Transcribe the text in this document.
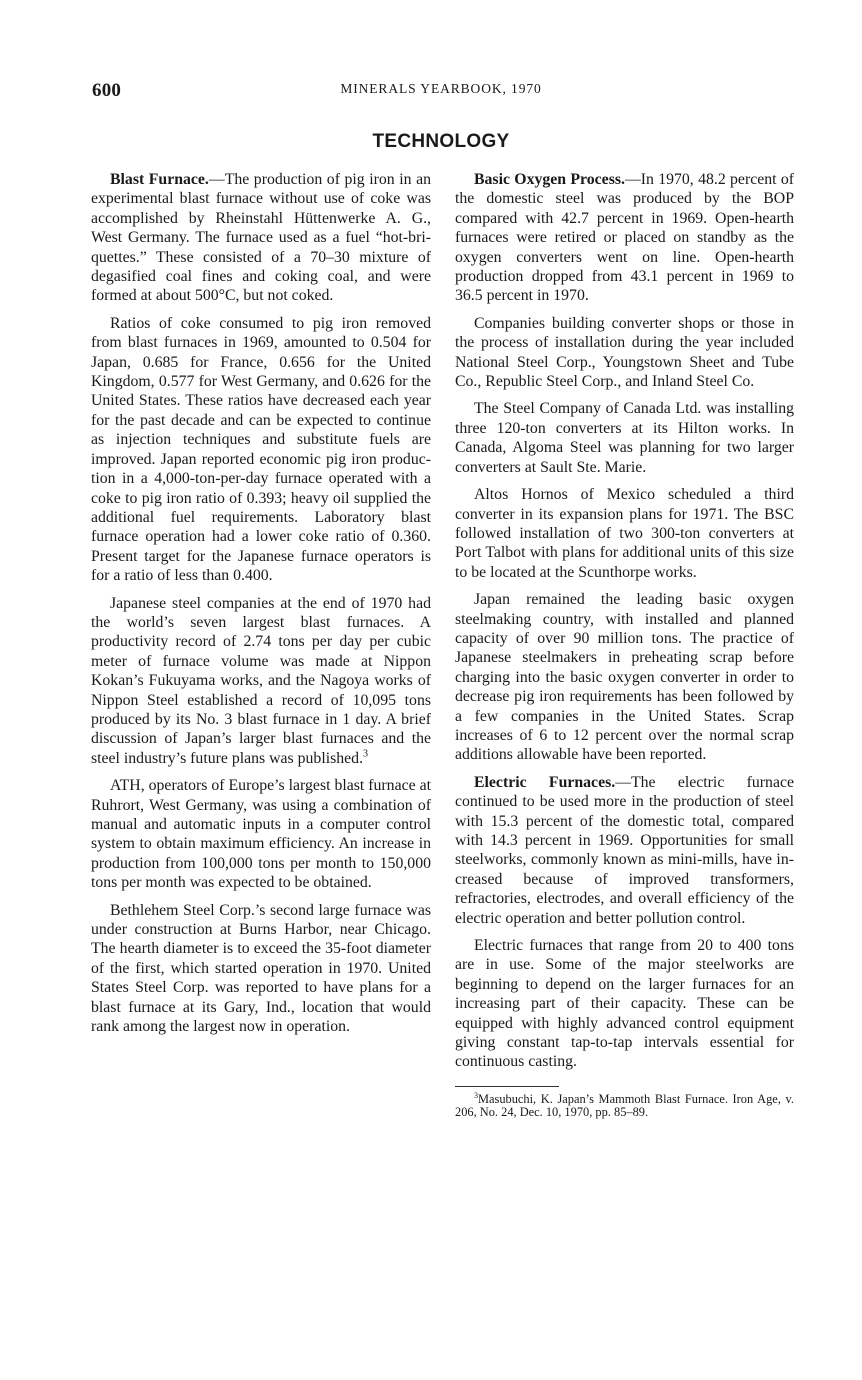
600	MINERALS YEARBOOK, 1970
TECHNOLOGY

Blast Furnace.—The production of pig iron in an experimental blast furnace without use of coke was accomplished by Rheinstahl Hüttenwerke A. G., West Germany. The furnace used as a fuel “hot-briquettes.” These consisted of a 70–30 mixture of degasified coal fines and coking coal, and were formed at about 500°C, but not coked.

Ratios of coke consumed to pig iron removed from blast furnaces in 1969, amounted to 0.504 for Japan, 0.685 for France, 0.656 for the United Kingdom, 0.577 for West Germany, and 0.626 for the United States. These ratios have decreased each year for the past decade and can be expected to continue as injection techniques and substitute fuels are improved. Japan reported economic pig iron production in a 4,000-ton-per-day furnace operated with a coke to pig iron ratio of 0.393; heavy oil supplied the additional fuel requirements. Laboratory blast furnace operation had a lower coke ratio of 0.360. Present target for the Japanese furnace operators is for a ratio of less than 0.400.

Japanese steel companies at the end of 1970 had the world’s seven largest blast furnaces. A productivity record of 2.74 tons per day per cubic meter of furnace volume was made at Nippon Kokan’s Fukuyama works, and the Nagoya works of Nippon Steel established a record of 10,095 tons produced by its No. 3 blast furnace in 1 day. A brief discussion of Japan’s larger blast furnaces and the steel industry’s future plans was published.$^3$

ATH, operators of Europe’s largest blast furnace at Ruhrort, West Germany, was using a combination of manual and automatic inputs in a computer control system to obtain maximum efficiency. An increase in production from 100,000 tons per month to 150,000 tons per month was expected to be obtained.

Bethlehem Steel Corp.’s second large furnace was under construction at Burns Harbor, near Chicago. The hearth diameter is to exceed the 35-foot diameter of the first, which started operation in 1970. United States Steel Corp. was reported to have plans for a blast furnace at its Gary, Ind., location that would rank among the largest now in operation.

Basic Oxygen Process.—In 1970, 48.2 percent of the domestic steel was produced by the BOP compared with 42.7 percent in 1969. Open-hearth furnaces were retired or placed on standby as the oxygen converters went on line. Open-hearth production dropped from 43.1 percent in 1969 to 36.5 percent in 1970.

Companies building converter shops or those in the process of installation during the year included National Steel Corp., Youngstown Sheet and Tube Co., Republic Steel Corp., and Inland Steel Co.

The Steel Company of Canada Ltd. was installing three 120-ton converters at its Hilton works. In Canada, Algoma Steel was planning for two larger converters at Sault Ste. Marie.

Altos Hornos of Mexico scheduled a third converter in its expansion plans for 1971. The BSC followed installation of two 300-ton converters at Port Talbot with plans for additional units of this size to be located at the Scunthorpe works.

Japan remained the leading basic oxygen steelmaking country, with installed and planned capacity of over 90 million tons. The practice of Japanese steelmakers in preheating scrap before charging into the basic oxygen converter in order to decrease pig iron requirements has been followed by a few companies in the United States. Scrap increases of 6 to 12 percent over the normal scrap additions allowable have been reported.

Electric Furnaces.—The electric furnace continued to be used more in the production of steel with 15.3 percent of the domestic total, compared with 14.3 percent in 1969. Opportunities for small steelworks, commonly known as mini-mills, have increased because of improved transformers, refractories, electrodes, and overall efficiency of the electric operation and better pollution control.

Electric furnaces that range from 20 to 400 tons are in use. Some of the major steelworks are beginning to depend on the larger furnaces for an increasing part of their capacity. These can be equipped with highly advanced control equipment giving constant tap-to-tap intervals essential for continuous casting.

$^3$Masubuchi, K. Japan’s Mammoth Blast Furnace. Iron Age, v. 206, No. 24, Dec. 10, 1970, pp. 85–89.
